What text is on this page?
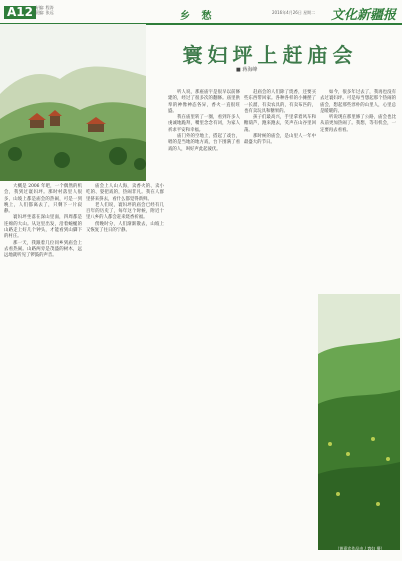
A12 专编: 程涛
责编: 张远	乡 愁	2016年4月26日 星期二 文化新疆报
寰妇坪上赶庙会
■ 蒋海峰

大概是 2006 年吧，一个偶然的机会，我到过寰妇坪。那时村落里人很多，山坡上都是庙会的热闹，可是一到晚上，人们都离去了，只剩下一片寂静。

寰妇坪坐落在深山里面，四周都是连绵的大山。从这里出发，沿着蜿蜒的山路走上好几个钟头，才能看到山脚下的村庄。

那一天，我跟着几位同乡到庙会上去看热闹。山路两旁是茂盛的树木，远远地就听见了锣鼓的声音。

庙会上人山人海，卖香火的、卖小吃的、耍把戏的，热闹非凡。我在人群里挤来挤去，看什么都觉得新鲜。

老人们说，寰妇坪的庙会已经有几百年的历史了，每年这个时候，附近十里八乡的人都会赶来烧香祈福。

傍晚时分，人们渐渐散去，山坡上又恢复了往日的宁静。

听人说，那座庙宇是很早以前修建的，经过了很多次的翻修。庙里供奉的神像神态各异，香火一直很旺盛。

我在庙里转了一圈，看到许多人虔诚地跪拜，嘴里念念有词，为家人祈求平安和幸福。

庙门外的空地上，搭起了戏台，唱的是当地的地方戏，台下围满了看戏的人，叫好声此起彼伏。

赶庙会的人们除了烧香，还要买些东西带回家。各种各样的小摊摆了一长溜，有卖农具的，有卖布匹的，也有卖玩具和糖果的。

孩子们最高兴，手里拿着风车和糖葫芦，跑来跑去，笑声在山谷里回荡。

那时候的庙会，是山里人一年中最盛大的节日。

如今，很多年过去了，我再也没有去过寰妇坪。可是每当想起那个热闹的庙会，想起那些淳朴的山里人，心里总是暖暖的。

听说现在那里修了公路，庙会也比从前更加热闹了。我想，等有机会，一定要再去看看。

（黄嘉宾作品由 / 寰妇 摄）
